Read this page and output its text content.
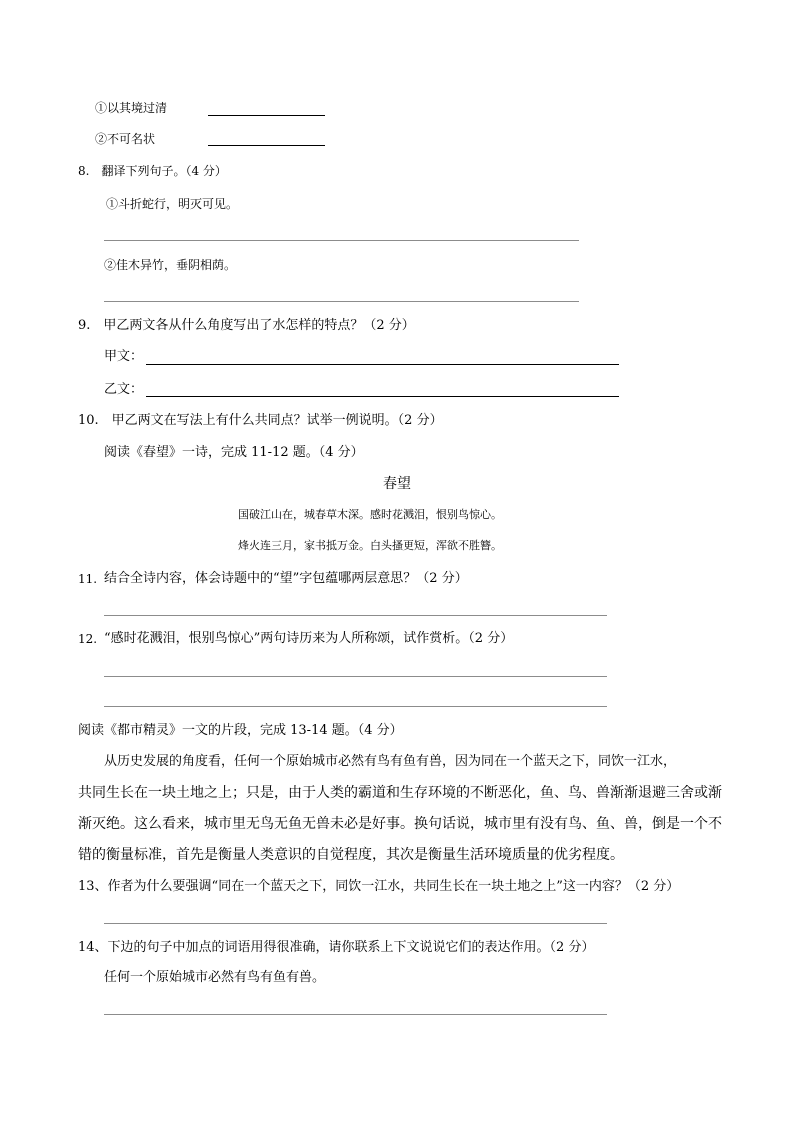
①以其境过清
②不可名状
8.　翻译下列句子。（4 分）
①斗折蛇行，明灭可见。
②佳木异竹，垂阴相荫。
9.　甲乙两文各从什么角度写出了水怎样的特点？（2 分）
甲文：
乙文：
10.　甲乙两文在写法上有什么共同点？试举一例说明。（2 分）
阅读《春望》一诗，完成 11-12 题。（4 分）
春望
国破江山在，城春草木深。感时花溅泪，恨别鸟惊心。
烽火连三月，家书抵万金。白头搔更短，浑欲不胜簪。
11. 结合全诗内容，体会诗题中的“望”字包蕴哪两层意思？（2 分）
12. “感时花溅泪，恨别鸟惊心”两句诗历来为人所称颂，试作赏析。（2 分）
阅读《都市精灵》一文的片段，完成 13-14 题。（4 分）
从历史发展的角度看，任何一个原始城市必然有鸟有鱼有兽，因为同在一个蓝天之下，同饮一江水，
共同生长在一块土地之上；只是，由于人类的霸道和生存环境的不断恶化，鱼、鸟、兽渐渐退避三舍或渐
渐灭绝。这么看来，城市里无鸟无鱼无兽未必是好事。换句话说，城市里有没有鸟、鱼、兽，倒是一个不
错的衡量标准，首先是衡量人类意识的自觉程度，其次是衡量生活环境质量的优劣程度。
13、作者为什么要强调“同在一个蓝天之下，同饮一江水，共同生长在一块土地之上”这一内容？（2 分）
14、下边的句子中加点的词语用得很准确，请你联系上下文说说它们的表达作用。（2 分）
任何一个原始城市必然有鸟有鱼有兽。
